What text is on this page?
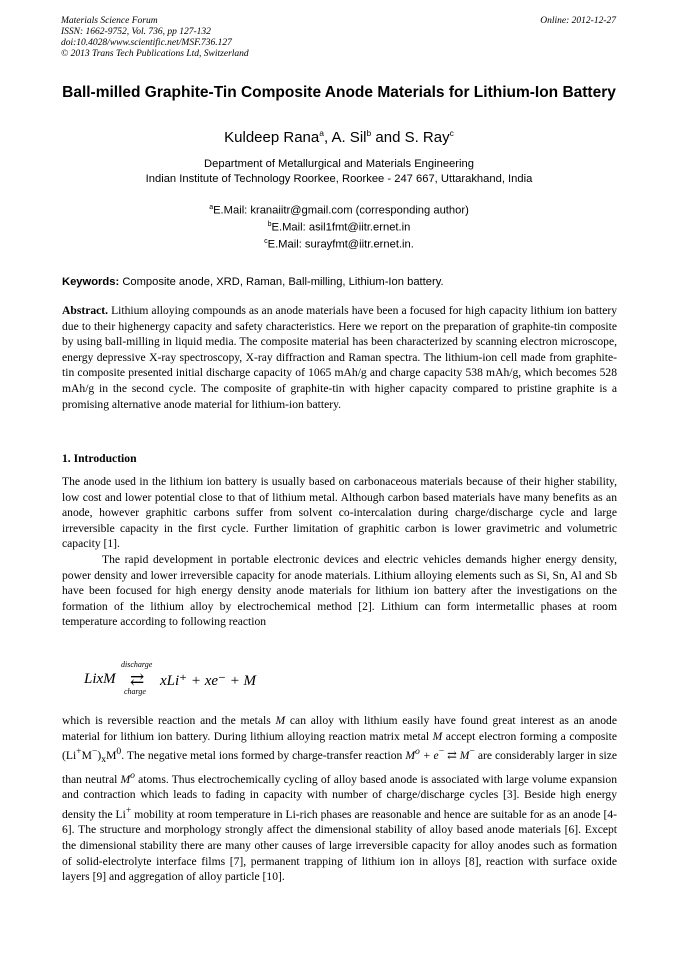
Materials Science Forum
ISSN: 1662-9752, Vol. 736, pp 127-132
doi:10.4028/www.scientific.net/MSF.736.127
© 2013 Trans Tech Publications Ltd, Switzerland
Online: 2012-12-27
Ball-milled Graphite-Tin Composite Anode Materials for Lithium-Ion Battery
Kuldeep Rana$^a$, A. Sil$^b$ and S. Ray$^c$
Department of Metallurgical and Materials Engineering
Indian Institute of Technology Roorkee, Roorkee - 247 667, Uttarakhand, India
$^a$E.Mail: kranaiitr@gmail.com (corresponding author)
$^b$E.Mail: asil1fmt@iitr.ernet.in
$^c$E.Mail: surayfmt@iitr.ernet.in.
Keywords: Composite anode, XRD, Raman, Ball-milling, Lithium-Ion battery.
Abstract. Lithium alloying compounds as an anode materials have been a focused for high capacity lithium ion battery due to their highenergy capacity and safety characteristics. Here we report on the preparation of graphite-tin composite by using ball-milling in liquid media. The composite material has been characterized by scanning electron microscope, energy depressive X-ray spectroscopy, X-ray diffraction and Raman spectra. The lithium-ion cell made from graphite-tin composite presented initial discharge capacity of 1065 mAh/g and charge capacity 538 mAh/g, which becomes 528 mAh/g in the second cycle. The composite of graphite-tin with higher capacity compared to pristine graphite is a promising alternative anode material for lithium-ion battery.
1. Introduction
The anode used in the lithium ion battery is usually based on carbonaceous materials because of their higher stability, low cost and lower potential close to that of lithium metal. Although carbon based materials have many benefits as an anode, however graphitic carbons suffer from solvent co-intercalation during charge/discharge cycle and large irreversible capacity in the first cycle. Further limitation of graphitic carbon is lower gravimetric and volumetric capacity [1].
The rapid development in portable electronic devices and electric vehicles demands higher energy density, power density and lower irreversible capacity for anode materials. Lithium alloying elements such as Si, Sn, Al and Sb have been focused for high energy density anode materials for lithium ion battery after the investigations on the formation of the lithium alloy by electrochemical method [2]. Lithium can form intermetallic phases at room temperature according to following reaction
LixM
discharge
⇄
charge
xLi⁺ + xe⁻ + M
which is reversible reaction and the metals M can alloy with lithium easily have found great interest as an anode material for lithium ion battery. During lithium alloying reaction matrix metal M accept electron forming a composite $(Li^+M^-)_xM^0$. The negative metal ions formed by charge-transfer reaction $M^o + e^-$ ⇄ M− are considerably larger in size than neutral $M^o$ atoms. Thus electrochemically cycling of alloy based anode is associated with large volume expansion and contraction which leads to fading in capacity with number of charge/discharge cycles [3]. Beside high energy density the Li+ mobility at room temperature in Li-rich phases are reasonable and hence are suitable for as an anode [4-6]. The structure and morphology strongly affect the dimensional stability of alloy based anode materials [6]. Except the dimensional stability there are many other causes of large irreversible capacity for alloy anodes such as formation of solid-electrolyte interface films [7], permanent trapping of lithium ion in alloys [8], reaction with surface oxide layers [9] and aggregation of alloy particle [10].
